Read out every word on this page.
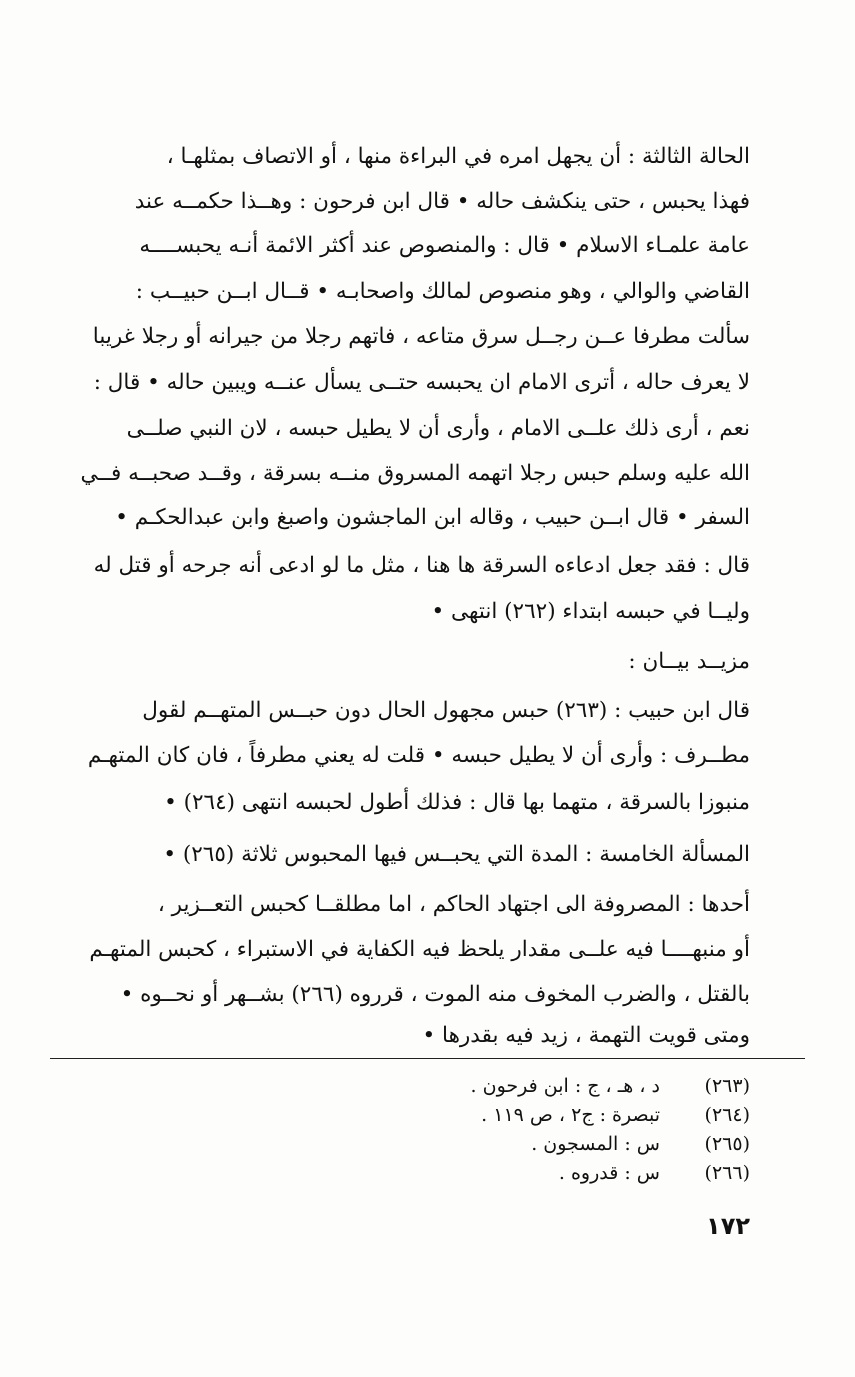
الحالة الثالثة : أن يجهل امره في البراءة منها ، أو الاتصاف بمثلهـا ،
فهذا يحبس ، حتى ينكشف حاله • قال ابن فرحون : وهــذا حكمــه عند
عامة علمـاء الاسلام • قال : والمنصوص عند أكثر الائمة أنـه يحبســــه
القاضي والوالي ، وهو منصوص لمالك واصحابـه • قــال ابــن حبيــب :
سألت مطرفا عــن رجــل سرق متاعه ، فاتهم رجلا من جيرانه أو رجلا غريبا
لا يعرف حاله ، أترى الامام ان يحبسه حتــى يسأل عنــه ويبين حاله • قال :
نعم ، أرى ذلك علــى الامام ، وأرى أن لا يطيل حبسه ، لان النبي صلــى
الله عليه وسلم حبس رجلا اتهمه المسروق منــه بسرقة ، وقــد صحبــه فــي
السفر • قال ابــن حبيب ، وقاله ابن الماجشون واصبغ وابن عبدالحكـم •
قال : فقد جعل ادعاءه السرقة ها هنا ، مثل ما لو ادعى أنه جرحه أو قتل له
وليــا في حبسه ابتداء (٢٦٢) انتهى •
مزيــد بيــان :
قال ابن حبيب : (٢٦٣) حبس مجهول الحال دون حبــس المتهــم لقول
مطــرف : وأرى أن لا يطيل حبسه • قلت له يعني مطرفاً ، فان كان المتهـم
منبوزا بالسرقة ، متهما بها قال : فذلك أطول لحبسه انتهى (٢٦٤) •
المسألة الخامسة : المدة التي يحبــس فيها المحبوس ثلاثة (٢٦٥) •
أحدها : المصروفة الى اجتهاد الحاكم ، اما مطلقــا كحبس التعــزير ،
أو منبهــــا فيه علــى مقدار يلحظ فيه الكفاية في الاستبراء ، كحبس المتهـم
بالقتل ، والضرب المخوف منه الموت ، قرروه (٢٦٦) بشــهر أو نحــوه •
ومتى قويت التهمة ، زيد فيه بقدرها •
(٢٦٣)
د ، هـ ، ج : ابن فرحون .
(٢٦٤)
تبصرة : ج٢ ، ص ١١٩ .
(٢٦٥)
س : المسجون .
(٢٦٦)
س : قدروه .
١٧٢
